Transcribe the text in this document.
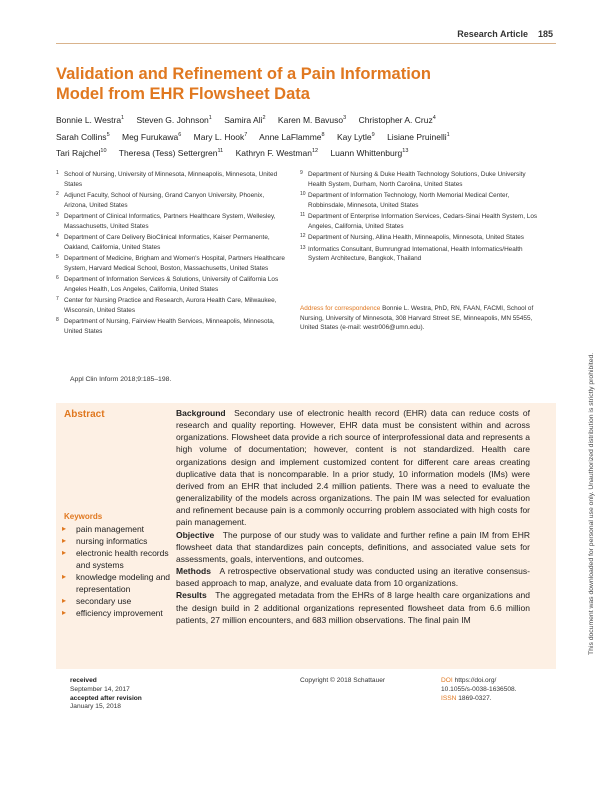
Research Article 185
Validation and Refinement of a Pain Information Model from EHR Flowsheet Data
Bonnie L. Westra$^1$ Steven G. Johnson$^1$ Samira Ali$^2$ Karen M. Bavuso$^3$ Christopher A. Cruz$^4$
Sarah Collins$^5$ Meg Furukawa$^6$ Mary L. Hook$^7$ Anne LaFlamme$^8$ Kay Lytle$^9$ Lisiane Pruinelli$^1$
Tari Rajchel$^{10}$ Theresa (Tess) Settergren$^{11}$ Kathryn F. Westman$^{12}$ Luann Whittenburg$^{13}$
1 School of Nursing, University of Minnesota, Minneapolis, Minnesota, United States
2 Adjunct Faculty, School of Nursing, Grand Canyon University, Phoenix, Arizona, United States
3 Department of Clinical Informatics, Partners Healthcare System, Wellesley, Massachusetts, United States
4 Department of Care Delivery BioClinical Informatics, Kaiser Permanente, Oakland, California, United States
5 Department of Medicine, Brigham and Women's Hospital, Partners Healthcare System, Harvard Medical School, Boston, Massachusetts, United States
6 Department of Information Services & Solutions, University of California Los Angeles Health, Los Angeles, California, United States
7 Center for Nursing Practice and Research, Aurora Health Care, Milwaukee, Wisconsin, United States
8 Department of Nursing, Fairview Health Services, Minneapolis, Minnesota, United States
9 Department of Nursing & Duke Health Technology Solutions, Duke University Health System, Durham, North Carolina, United States
10 Department of Information Technology, North Memorial Medical Center, Robbinsdale, Minnesota, United States
11 Department of Enterprise Information Services, Cedars-Sinai Health System, Los Angeles, California, United States
12 Department of Nursing, Allina Health, Minneapolis, Minnesota, United States
13 Informatics Consultant, Bumrungrad International, Health Informatics/Health System Architecture, Bangkok, Thailand
Address for correspondence Bonnie L. Westra, PhD, RN, FAAN, FACMI, School of Nursing, University of Minnesota, 308 Harvard Street SE, Minneapolis, MN 55455, United States (e-mail: westr006@umn.edu).
Appl Clin Inform 2018;9:185–198.
Abstract
Keywords
▸ pain management
▸ nursing informatics
▸ electronic health records and systems
▸ knowledge modeling and representation
▸ secondary use
▸ efficiency improvement
Background   Secondary use of electronic health record (EHR) data can reduce costs of research and quality reporting. However, EHR data must be consistent within and across organizations. Flowsheet data provide a rich source of interprofessional data and represents a high volume of documentation; however, content is not standardized. Health care organizations design and implement customized content for different care areas creating duplicative data that is noncomparable. In a prior study, 10 information models (IMs) were derived from an EHR that included 2.4 million patients. There was a need to evaluate the generalizability of the models across organizations. The pain IM was selected for evaluation and refinement because pain is a commonly occurring problem associated with high costs for pain management.
Objective   The purpose of our study was to validate and further refine a pain IM from EHR flowsheet data that standardizes pain concepts, definitions, and associated value sets for assessments, goals, interventions, and outcomes.
Methods   A retrospective observational study was conducted using an iterative consensus-based approach to map, analyze, and evaluate data from 10 organizations.
Results   The aggregated metadata from the EHRs of 8 large health care organizations and the design build in 2 additional organizations represented flowsheet data from 6.6 million patients, 27 million encounters, and 683 million observations. The final pain IM	This document was downloaded for personal use only. Unauthorized distribution is strictly prohibited.
received
September 14, 2017
accepted after revision
January 15, 2018
Copyright © 2018 Schattauer	DOI https://doi.org/
10.1055/s-0038-1636508.
ISSN 1869-0327.
